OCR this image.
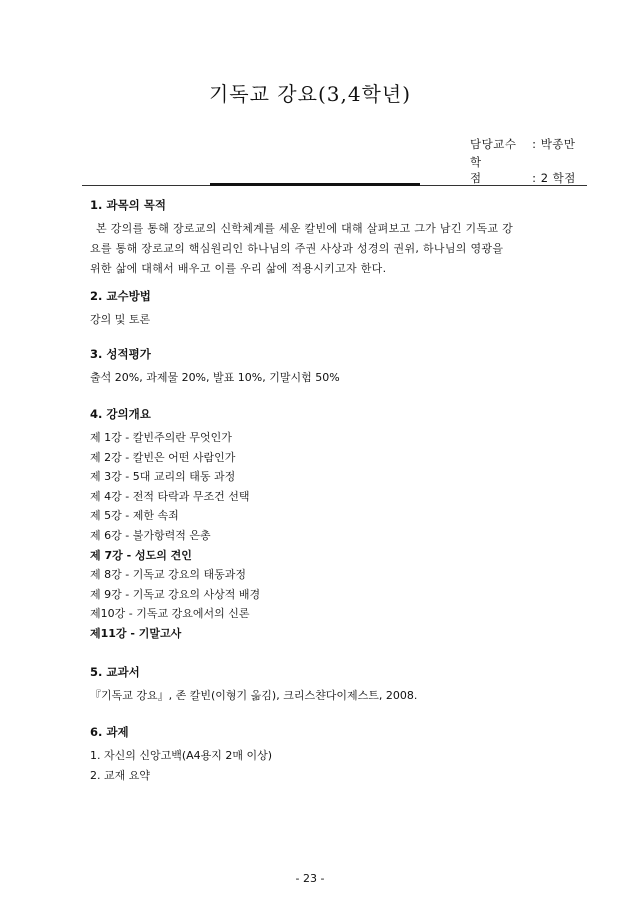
기독교 강요(3,4학년)
담당교수 : 박종만
학점	: 2 학점
1. 과목의 목적
본 강의를 통해 장로교의 신학체계를 세운 칼빈에 대해 살펴보고 그가 남긴 기독교 강
요를 통해 장로교의 핵심원리인 하나님의 주권 사상과 성경의 권위, 하나님의 영광을
위한 삶에 대해서 배우고 이를 우리 삶에 적용시키고자 한다.
2. 교수방법
강의 및 토론
3. 성적평가
출석 20%, 과제물 20%, 발표 10%, 기말시험 50%
4. 강의개요
제 1강 - 칼빈주의란 무엇인가
제 2강 - 칼빈은 어떤 사람인가
제 3강 - 5대 교리의 태동 과정
제 4강 - 전적 타락과 무조건 선택
제 5강 - 제한 속죄
제 6강 - 불가항력적 은총
제 7강 - 성도의 견인
제 8강 - 기독교 강요의 태동과정
제 9강 - 기독교 강요의 사상적 배경
제10강 - 기독교 강요에서의 신론
제11강 - 기말고사
5. 교과서
『기독교 강요』, 존 칼빈(이형기 옮김), 크리스챤다이제스트, 2008.
6. 과제
1. 자신의 신앙고백(A4용지 2매 이상)
2. 교재 요약
- 23 -
